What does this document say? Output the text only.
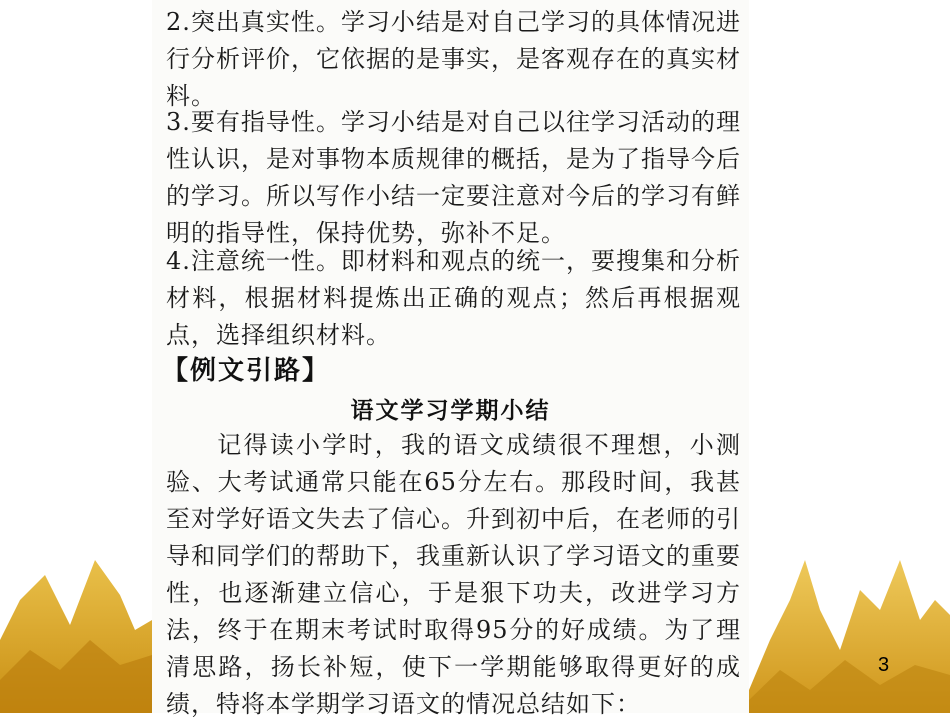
2.突出真实性。学习小结是对自己学习的具体情况进行分析评价，它依据的是事实，是客观存在的真实材料。
3.要有指导性。学习小结是对自己以往学习活动的理性认识，是对事物本质规律的概括，是为了指导今后的学习。所以写作小结一定要注意对今后的学习有鲜明的指导性，保持优势，弥补不足。
4.注意统一性。即材料和观点的统一，要搜集和分析材料，根据材料提炼出正确的观点；然后再根据观点，选择组织材料。
【例文引路】
语文学习学期小结
记得读小学时，我的语文成绩很不理想，小测验、大考试通常只能在65分左右。那段时间，我甚至对学好语文失去了信心。升到初中后，在老师的引导和同学们的帮助下，我重新认识了学习语文的重要性，也逐渐建立信心，于是狠下功夫，改进学习方法，终于在期末考试时取得95分的好成绩。为了理清思路，扬长补短，使下一学期能够取得更好的成绩，特将本学期学习语文的情况总结如下：
3
